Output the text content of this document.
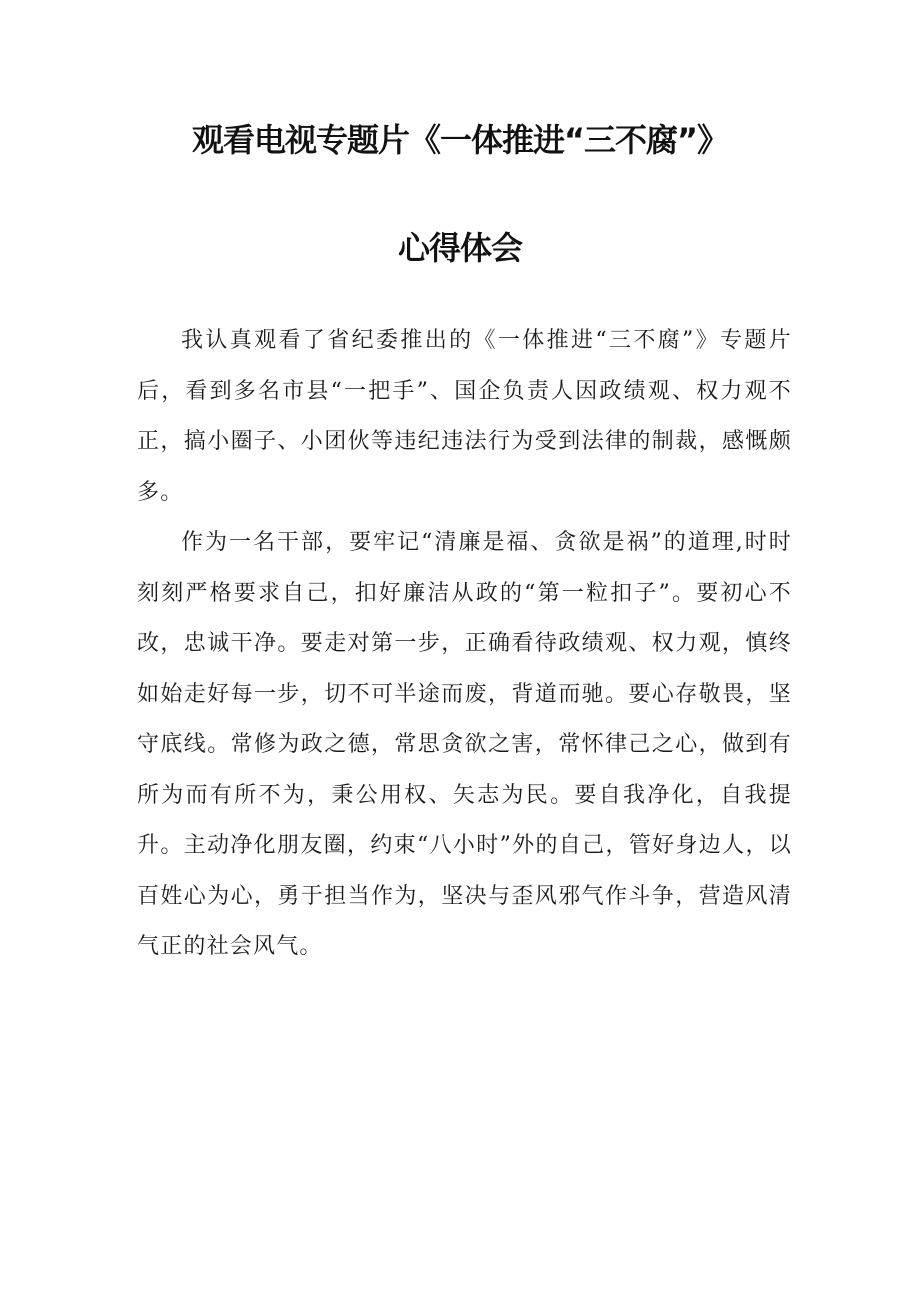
观看电视专题片《一体推进“三不腐”》
心得体会

我认真观看了省纪委推出的《一体推进“三不腐”》专题片后，看到多名市县“一把手”、国企负责人因政绩观、权力观不正，搞小圈子、小团伙等违纪违法行为受到法律的制裁，感慨颇多。

作为一名干部，要牢记“清廉是福、贪欲是祸”的道理,时时刻刻严格要求自己，扣好廉洁从政的“第一粒扣子”。要初心不改，忠诚干净。要走对第一步，正确看待政绩观、权力观，慎终如始走好每一步，切不可半途而废，背道而驰。要心存敬畏，坚守底线。常修为政之德，常思贪欲之害，常怀律己之心，做到有所为而有所不为，秉公用权、矢志为民。要自我净化，自我提升。主动净化朋友圈，约束“八小时”外的自己，管好身边人，以百姓心为心，勇于担当作为，坚决与歪风邪气作斗争，营造风清气正的社会风气。
